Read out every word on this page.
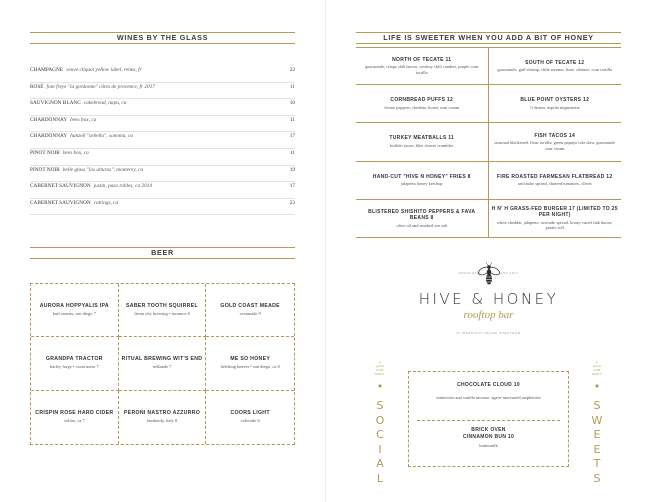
WINES BY THE GLASS
CHAMPAGNE veuve cliquot yellow label, reims, fr	22
ROSÉ font freye "la gordonne" côtes de provence, fr 2017	11
SAUVIGNON BLANC cakebread, napa, ca	10
CHARDONNAY bees box, ca	11
CHARDONNAY hanzell "sebella", sonoma, ca	17
PINOT NOIR bees box, ca	11
PINOT NOIR belle glass "las alturas", monterey, ca	19
CABERNET SAUVIGNON justin, paso robles, ca 2014	17
CABERNET SAUVIGNON cuttings, ca	23
BEER
AURORA HOPPYALIS IPA
karl strauss, san diego 7
SABER TOOTH SQUIRREL
fiesta city brewing • torrance 8
GOLD COAST MEADE
oceanside 9
GRANDPA TRACTOR
barley forge • costa mesa 7
RITUAL BREWING WIT'S END
redlands 7
ME SO HONEY
belching beaver • san diego, ca 8
CRISPIN ROSE HARD CIDER
colfax, ca 7
PERONI NASTRO AZZURRO
lombardy, italy 8
COORS LIGHT
colorado 6
LIFE IS SWEETER WHEN YOU ADD A BIT OF HONEY
NORTH OF TECATE 11
guacamole, crispy slab bacon, cowboy chili candies, purple corn tortilla
SOUTH OF TECATE 12
guacamole, gulf shrimp, chile serrano, lime, cilantro, corn tortilla
CORNBREAD PUFFS 12
fresno peppers, cheddar, honey sour cream
BLUE POINT OYSTERS 12
½ dozen, tequila mignonette
TURKEY MEATBALLS 11
buffalo sauce, blue cheese crumbles
FISH TACOS 14
seasonal blackened, flour tortilla, green papaya cole slaw, guacamole sour cream
HAND-CUT "HIVE N HONEY" FRIES 8
jalapeño honey ketchup
FIRE ROASTED FARMESAN FLATBREAD 12
artichoke spread, charred tomatoes, olives
BLISTERED SHISHITO PEPPERS & FAVA BEANS 8
olive oil and smoked sea salt
H N' H GRASS-FED BURGER 17 (LIMITED TO 25 PER NIGHT)
white cheddar, jalapeno, avocado spread, honey cured slab bacon, potato roll
SINCE 2017	EST 2017
HIVE & HONEY
rooftop bar
AT MARRIOTT IRVINE SPECTRUM
a
great
FOR MANY
S
O
C
I
A
L
CHOCOLATE CLOUD 10
semisweet and vanilla mousse, agave macerated raspberries
BRICK OVEN CINNAMON BUN 10
buttermilk
a
great
FOR MANY
S
W
E
E
T
S
